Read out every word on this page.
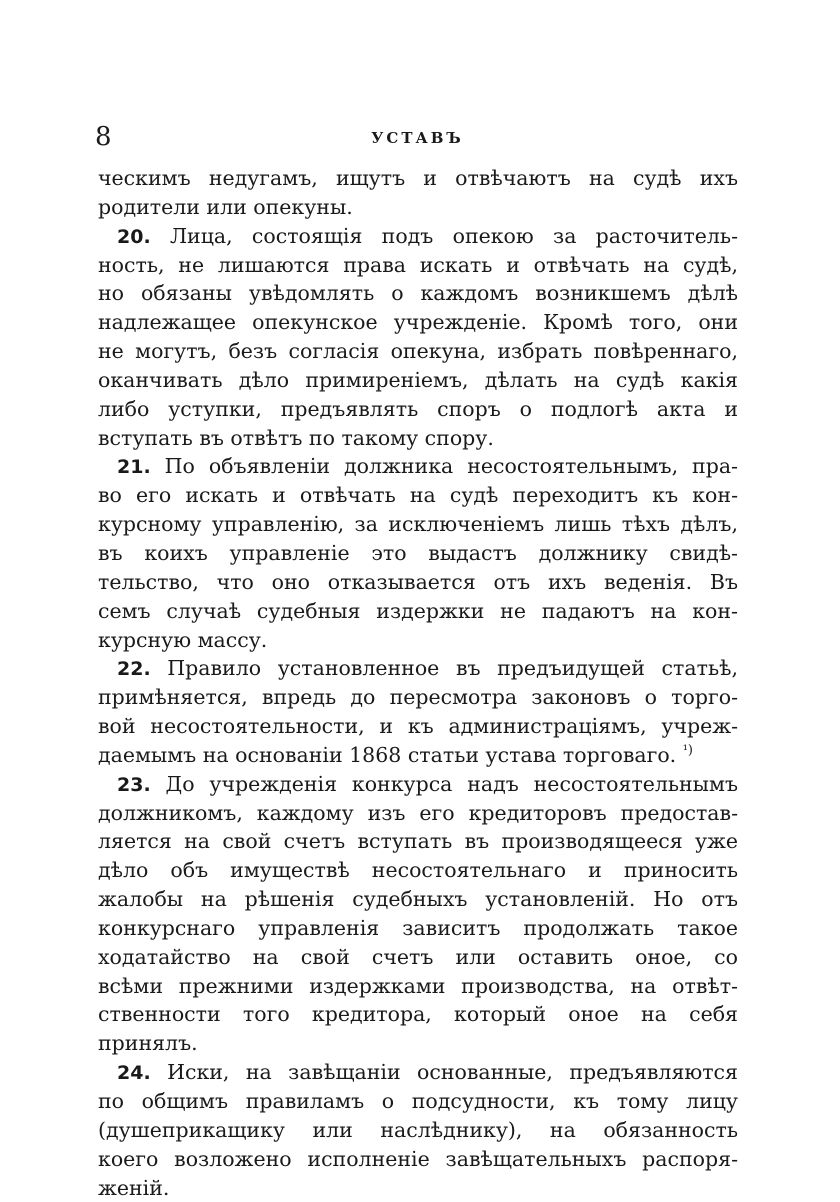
8	УСТАВЪ
ческимъ недугамъ, ищутъ и отвѣчаютъ на судѣ ихъ
родители или опекуны.
20. Лица, состоящія подъ опекою за расточитель-
ность, не лишаются права искать и отвѣчать на судѣ,
но обязаны увѣдомлять о каждомъ возникшемъ дѣлѣ
надлежащее опекунское учрежденіе. Кромѣ того, они
не могутъ, безъ согласія опекуна, избрать повѣреннаго,
оканчивать дѣло примиреніемъ, дѣлать на судѣ какія
либо уступки, предъявлять споръ о подлогѣ акта и
вступать въ отвѣтъ по такому спору.
21. По объявленіи должника несостоятельнымъ, пра-
во его искать и отвѣчать на судѣ переходитъ къ кон-
курсному управленію, за исключеніемъ лишь тѣхъ дѣлъ,
въ коихъ управленіе это выдастъ должнику свидѣ-
тельство, что оно отказывается отъ ихъ веденія. Въ
семъ случаѣ судебныя издержки не падаютъ на кон-
курсную массу.
22. Правило установленное въ предъидущей статьѣ,
примѣняется, впредь до пересмотра законовъ о торго-
вой несостоятельности, и къ администраціямъ, учреж-
даемымъ на основаніи 1868 статьи устава торговаго. $^{^1)}$
23. До учрежденія конкурса надъ несостоятельнымъ
должникомъ, каждому изъ его кредиторовъ предостав-
ляется на свой счетъ вступать въ производящееся уже
дѣло объ имуществѣ несостоятельнаго и приносить
жалобы на рѣшенія судебныхъ установленій. Но отъ
конкурснаго управленія зависитъ продолжать такое
ходатайство на свой счетъ или оставить оное, со
всѣми прежними издержками производства, на отвѣт-
ственности того кредитора, который оное на себя
принялъ.
24. Иски, на завѣщаніи основанные, предъявляются
по общимъ правиламъ о подсудности, къ тому лицу
(душеприкащику или наслѣднику), на обязанность
коего возложено исполненіе завѣщательныхъ распоря-
женій.
